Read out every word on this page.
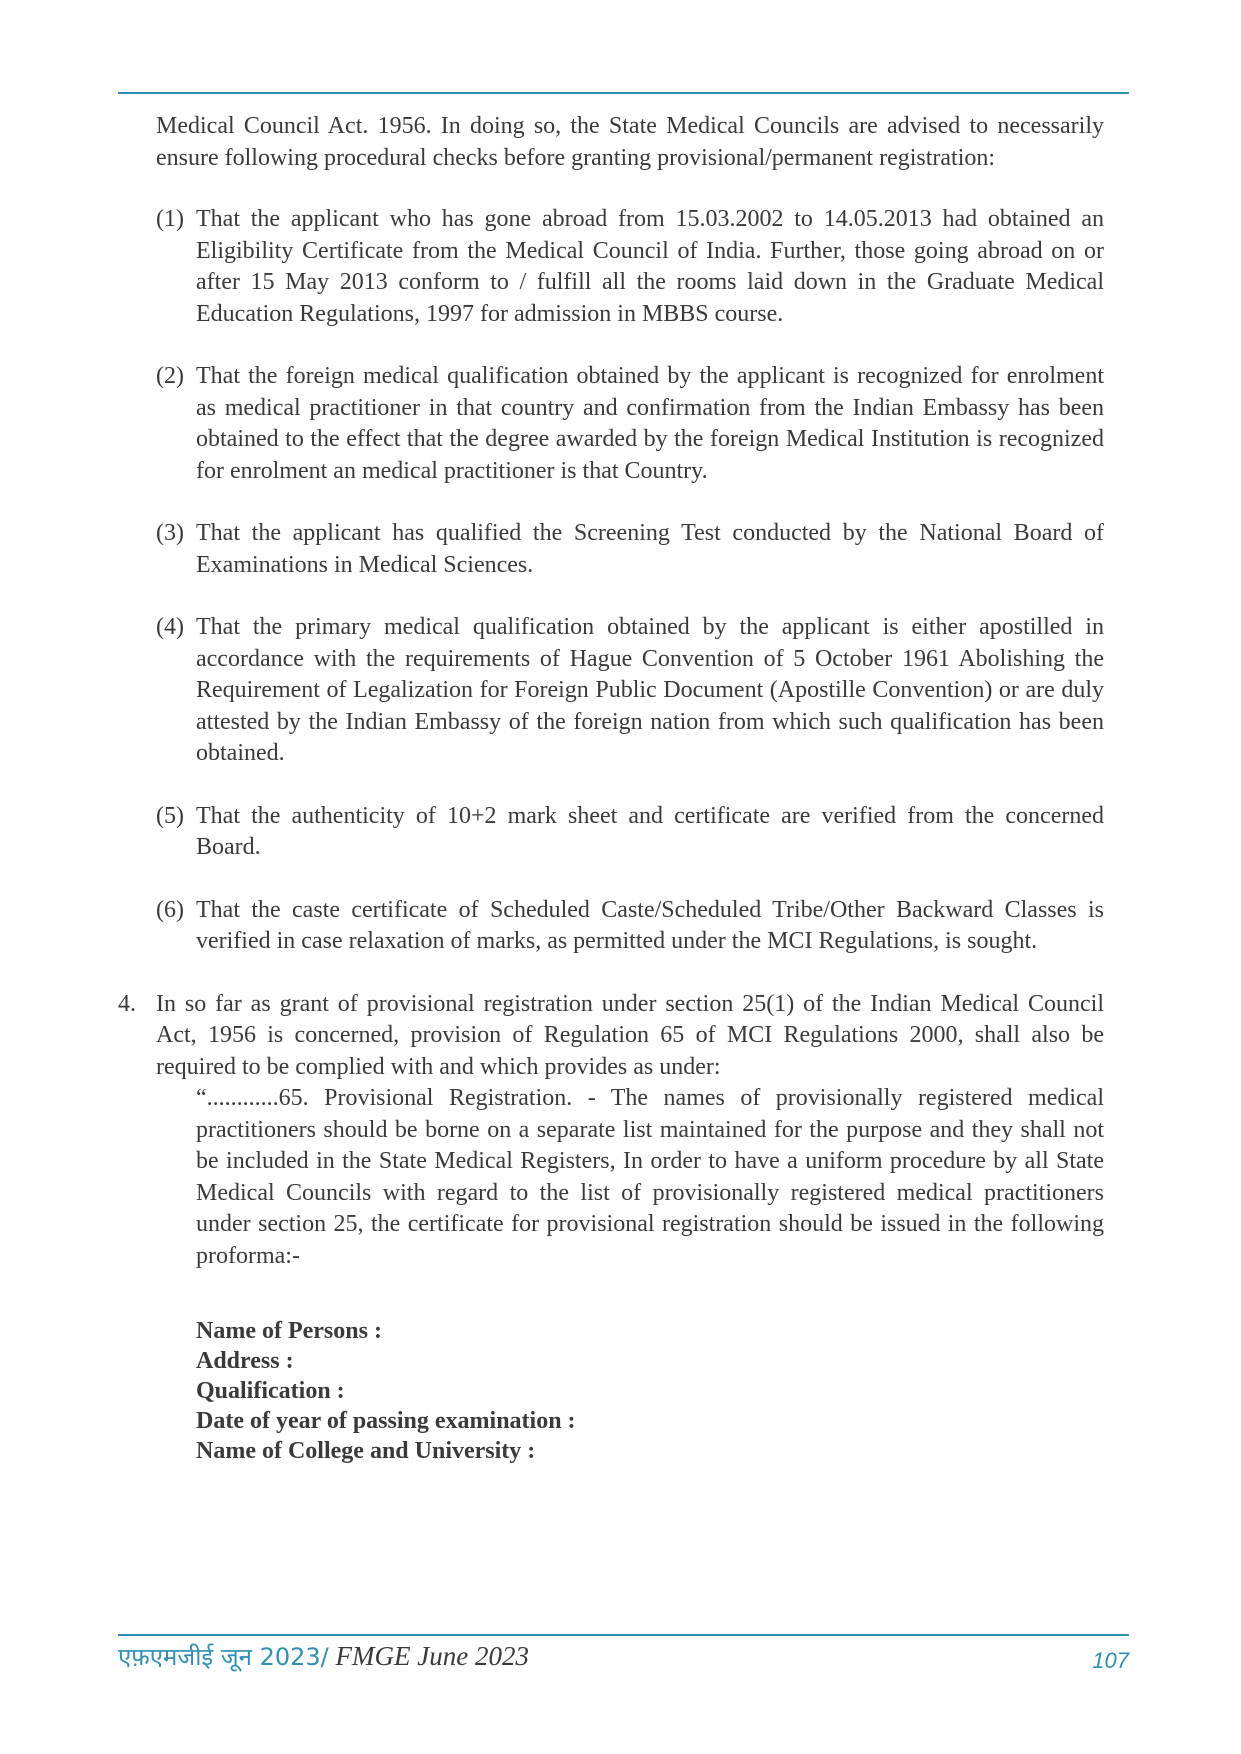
Medical Council Act. 1956. In doing so, the State Medical Councils are advised to necessarily ensure following procedural checks before granting provisional/permanent registration:

(1) That the applicant who has gone abroad from 15.03.2002 to 14.05.2013 had obtained an Eligibility Certificate from the Medical Council of India. Further, those going abroad on or after 15 May 2013 conform to / fulfill all the rooms laid down in the Graduate Medical Education Regulations, 1997 for admission in MBBS course.
(2) That the foreign medical qualification obtained by the applicant is recognized for enrolment as medical practitioner in that country and confirmation from the Indian Embassy has been obtained to the effect that the degree awarded by the foreign Medical Institution is recognized for enrolment an medical practitioner is that Country.
(3) That the applicant has qualified the Screening Test conducted by the National Board of Examinations in Medical Sciences.
(4) That the primary medical qualification obtained by the applicant is either apostilled in accordance with the requirements of Hague Convention of 5 October 1961 Abolishing the Requirement of Legalization for Foreign Public Document (Apostille Convention) or are duly attested by the Indian Embassy of the foreign nation from which such qualification has been obtained.
(5) That the authenticity of 10+2 mark sheet and certificate are verified from the concerned Board.
(6) That the caste certificate of Scheduled Caste/Scheduled Tribe/Other Backward Classes is verified in case relaxation of marks, as permitted under the MCI Regulations, is sought.
4. In so far as grant of provisional registration under section 25(1) of the Indian Medical Council Act, 1956 is concerned, provision of Regulation 65 of MCI Regulations 2000, shall also be required to be complied with and which provides as under:

“............65. Provisional Registration. - The names of provisionally registered medical practitioners should be borne on a separate list maintained for the purpose and they shall not be included in the State Medical Registers, In order to have a uniform procedure by all State Medical Councils with regard to the list of provisionally registered medical practitioners under section 25, the certificate for provisional registration should be issued in the following proforma:-

Name of Persons :
Address :
Qualification :
Date of year of passing examination :
Name of College and University :
एफ़एमजीई जून 2023/ FMGE June 2023	107
